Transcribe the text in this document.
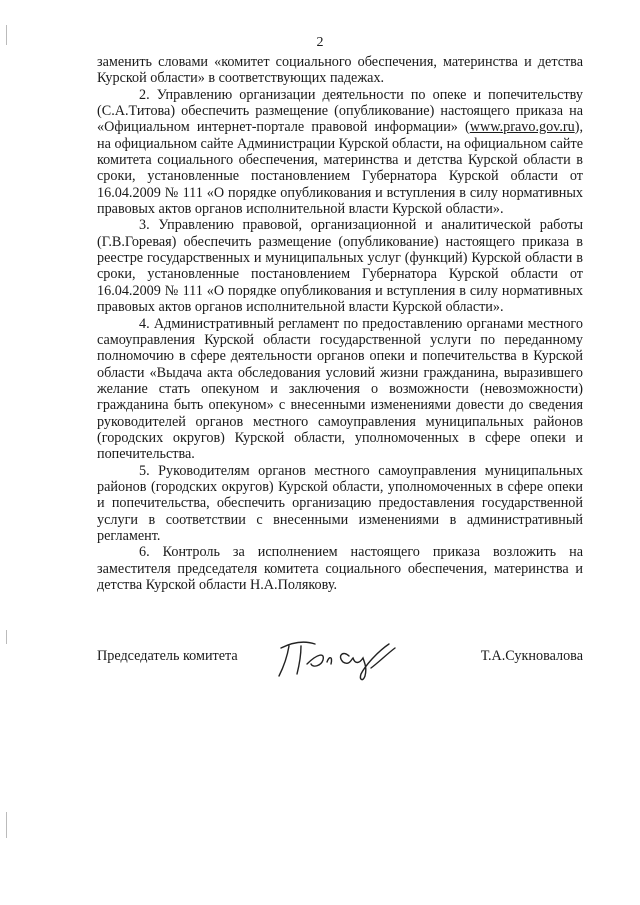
2

заменить словами «комитет социального обеспечения, материнства и детства Курской области» в соответствующих падежах.

2. Управлению организации деятельности по опеке и попечительству (С.А.Титова) обеспечить размещение (опубликование) настоящего приказа на «Официальном интернет-портале правовой информации» (www.pravo.gov.ru), на официальном сайте Администрации Курской области, на официальном сайте комитета социального обеспечения, материнства и детства Курской области в сроки, установленные постановлением Губернатора Курской области от 16.04.2009 № 111 «О порядке опубликования и вступления в силу нормативных правовых актов органов исполнительной власти Курской области».

3. Управлению правовой, организационной и аналитической работы (Г.В.Горевая) обеспечить размещение (опубликование) настоящего приказа в реестре государственных и муниципальных услуг (функций) Курской области в сроки, установленные постановлением Губернатора Курской области от 16.04.2009 № 111 «О порядке опубликования и вступления в силу нормативных правовых актов органов исполнительной власти Курской области».

4. Административный регламент по предоставлению органами местного самоуправления Курской области государственной услуги по переданному полномочию в сфере деятельности органов опеки и попечительства в Курской области «Выдача акта обследования условий жизни гражданина, выразившего желание стать опекуном и заключения о возможности (невозможности) гражданина быть опекуном» с внесенными изменениями довести до сведения руководителей органов местного самоуправления муниципальных районов (городских округов) Курской области, уполномоченных в сфере опеки и попечительства.

5. Руководителям органов местного самоуправления муниципальных районов (городских округов) Курской области, уполномоченных в сфере опеки и попечительства, обеспечить организацию предоставления государственной услуги в соответствии с внесенными изменениями в административный регламент.

6. Контроль за исполнением настоящего приказа возложить на заместителя председателя комитета социального обеспечения, материнства и детства Курской области Н.А.Полякову.

Председатель комитета	Т.А.Сукновалова
